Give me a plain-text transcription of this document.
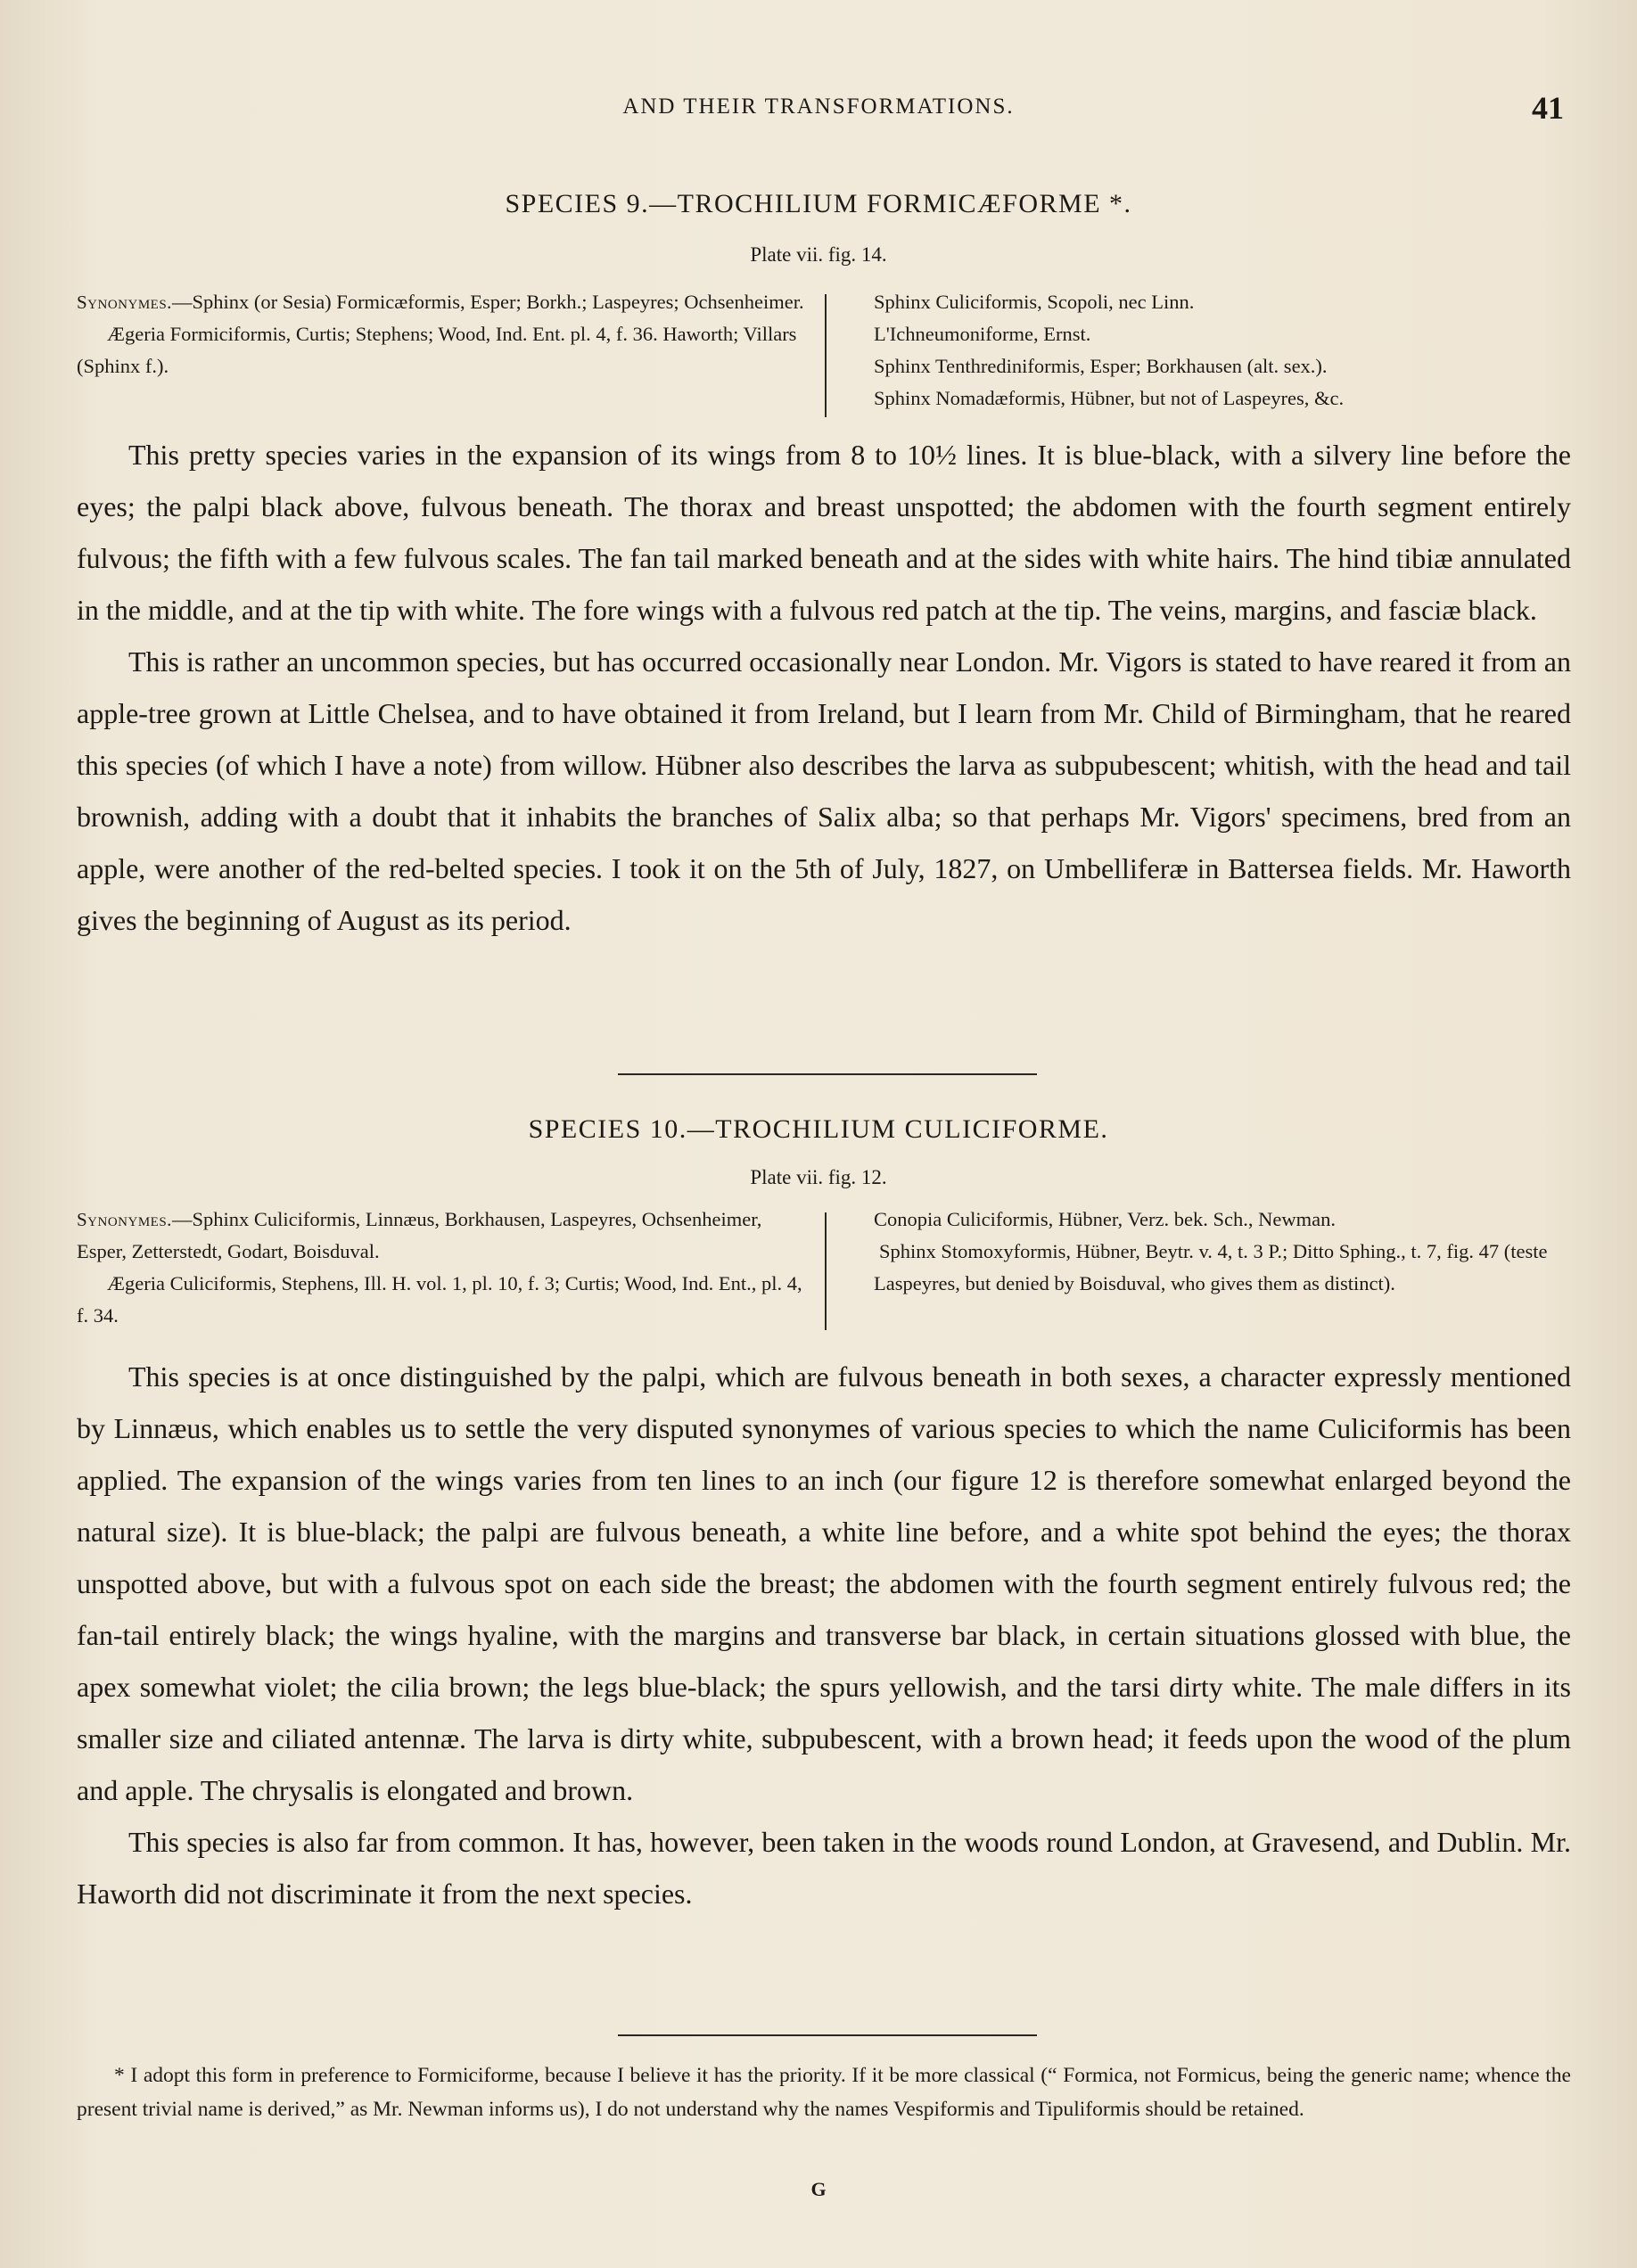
AND THEIR TRANSFORMATIONS.	41
SPECIES 9.—TROCHILIUM FORMICÆFORME *.
Plate vii. fig. 14.
Synonymes.—Sphinx (or Sesia) Formicæformis, Esper; Borkh.; Laspeyres; Ochsenheimer.
Ægeria Formiciformis, Curtis; Stephens; Wood, Ind. Ent. pl. 4, f. 36. Haworth; Villars (Sphinx f.).
Sphinx Culiciformis, Scopoli, nec Linn.
L'Ichneumoniforme, Ernst.
Sphinx Tenthrediniformis, Esper; Borkhausen (alt. sex.).
Sphinx Nomadæformis, Hübner, but not of Laspeyres, &c.

This pretty species varies in the expansion of its wings from 8 to 10½ lines. It is blue-black, with a silvery line before the eyes; the palpi black above, fulvous beneath. The thorax and breast unspotted; the abdomen with the fourth segment entirely fulvous; the fifth with a few fulvous scales. The fan tail marked beneath and at the sides with white hairs. The hind tibiæ annulated in the middle, and at the tip with white. The fore wings with a fulvous red patch at the tip. The veins, margins, and fasciæ black.

This is rather an uncommon species, but has occurred occasionally near London. Mr. Vigors is stated to have reared it from an apple-tree grown at Little Chelsea, and to have obtained it from Ireland, but I learn from Mr. Child of Birmingham, that he reared this species (of which I have a note) from willow. Hübner also describes the larva as subpubescent; whitish, with the head and tail brownish, adding with a doubt that it inhabits the branches of Salix alba; so that perhaps Mr. Vigors' specimens, bred from an apple, were another of the red-belted species. I took it on the 5th of July, 1827, on Umbelliferæ in Battersea fields. Mr. Haworth gives the beginning of August as its period.

SPECIES 10.—TROCHILIUM CULICIFORME.
Plate vii. fig. 12.
Synonymes.—Sphinx Culiciformis, Linnæus, Borkhausen, Laspeyres, Ochsenheimer, Esper, Zetterstedt, Godart, Boisduval.
Ægeria Culiciformis, Stephens, Ill. H. vol. 1, pl. 10, f. 3; Curtis; Wood, Ind. Ent., pl. 4, f. 34.
Conopia Culiciformis, Hübner, Verz. bek. Sch., Newman.
Sphinx Stomoxyformis, Hübner, Beytr. v. 4, t. 3 P.; Ditto Sphing., t. 7, fig. 47 (teste Laspeyres, but denied by Boisduval, who gives them as distinct).

This species is at once distinguished by the palpi, which are fulvous beneath in both sexes, a character expressly mentioned by Linnæus, which enables us to settle the very disputed synonymes of various species to which the name Culiciformis has been applied. The expansion of the wings varies from ten lines to an inch (our figure 12 is therefore somewhat enlarged beyond the natural size). It is blue-black; the palpi are fulvous beneath, a white line before, and a white spot behind the eyes; the thorax unspotted above, but with a fulvous spot on each side the breast; the abdomen with the fourth segment entirely fulvous red; the fan-tail entirely black; the wings hyaline, with the margins and transverse bar black, in certain situations glossed with blue, the apex somewhat violet; the cilia brown; the legs blue-black; the spurs yellowish, and the tarsi dirty white. The male differs in its smaller size and ciliated antennæ. The larva is dirty white, subpubescent, with a brown head; it feeds upon the wood of the plum and apple. The chrysalis is elongated and brown.

This species is also far from common. It has, however, been taken in the woods round London, at Gravesend, and Dublin. Mr. Haworth did not discriminate it from the next species.

* I adopt this form in preference to Formiciforme, because I believe it has the priority. If it be more classical (“ Formica, not Formicus, being the generic name; whence the present trivial name is derived,” as Mr. Newman informs us), I do not understand why the names Vespiformis and Tipuliformis should be retained.

G
